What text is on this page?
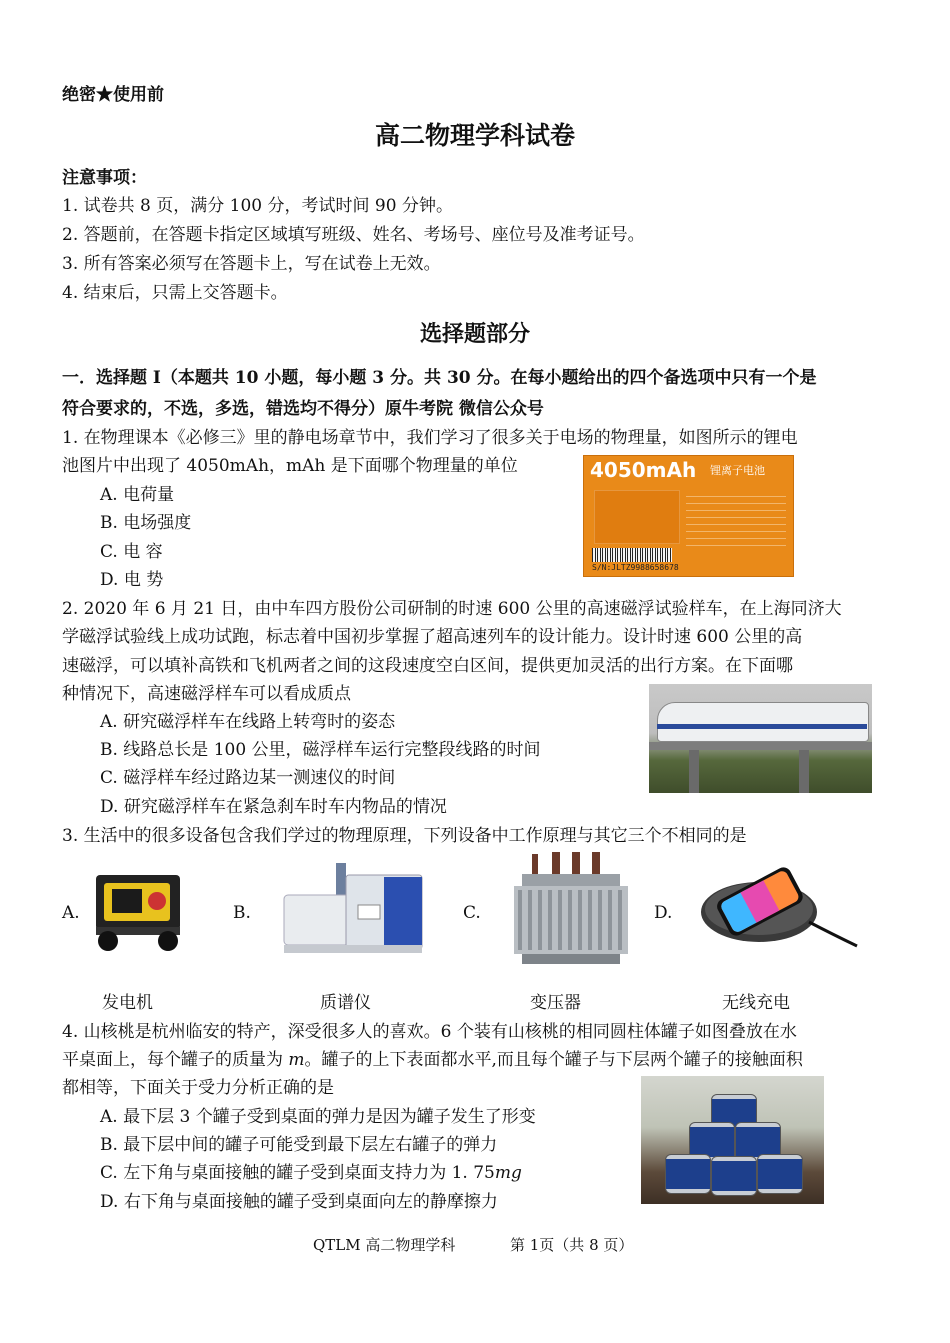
绝密★使用前
高二物理学科试卷
注意事项：
1. 试卷共 8 页，满分 100 分，考试时间 90 分钟。
2. 答题前，在答题卡指定区域填写班级、姓名、考场号、座位号及准考证号。
3. 所有答案必须写在答题卡上，写在试卷上无效。
4. 结束后，只需上交答题卡。
选择题部分
一．选择题 I（本题共 10 小题，每小题 3 分。共 30 分。在每小题给出的四个备选项中只有一个是
符合要求的，不选，多选，错选均不得分）原牛考院 微信公众号
1. 在物理课本《必修三》里的静电场章节中，我们学习了很多关于电场的物理量，如图所示的锂电
池图片中出现了 4050mAh，mAh 是下面哪个物理量的单位
A. 电荷量
B. 电场强度
C. 电 容
D. 电 势
4050mAh 锂离子电池
S/N:JLTZ9988658678
2. 2020 年 6 月 21 日，由中车四方股份公司研制的时速 600 公里的高速磁浮试验样车，在上海同济大
学磁浮试验线上成功试跑，标志着中国初步掌握了超高速列车的设计能力。设计时速 600 公里的高
速磁浮，可以填补高铁和飞机两者之间的这段速度空白区间，提供更加灵活的出行方案。在下面哪
种情况下，高速磁浮样车可以看成质点
A. 研究磁浮样车在线路上转弯时的姿态
B. 线路总长是 100 公里，磁浮样车运行完整段线路的时间
C. 磁浮样车经过路边某一测速仪的时间
D. 研究磁浮样车在紧急刹车时车内物品的情况
3. 生活中的很多设备包含我们学过的物理原理，下列设备中工作原理与其它三个不相同的是
A.	B.	C.	D.
发电机	质谱仪	变压器	无线充电
4. 山核桃是杭州临安的特产，深受很多人的喜欢。6 个装有山核桃的相同圆柱体罐子如图叠放在水
平桌面上，每个罐子的质量为 m。罐子的上下表面都水平,而且每个罐子与下层两个罐子的接触面积
都相等，下面关于受力分析正确的是
A. 最下层 3 个罐子受到桌面的弹力是因为罐子发生了形变
B. 最下层中间的罐子可能受到最下层左右罐子的弹力
C. 左下角与桌面接触的罐子受到桌面支持力为 1. 75mg
D. 右下角与桌面接触的罐子受到桌面向左的静摩擦力
QTLM 高二物理学科	第 1页（共 8 页）
